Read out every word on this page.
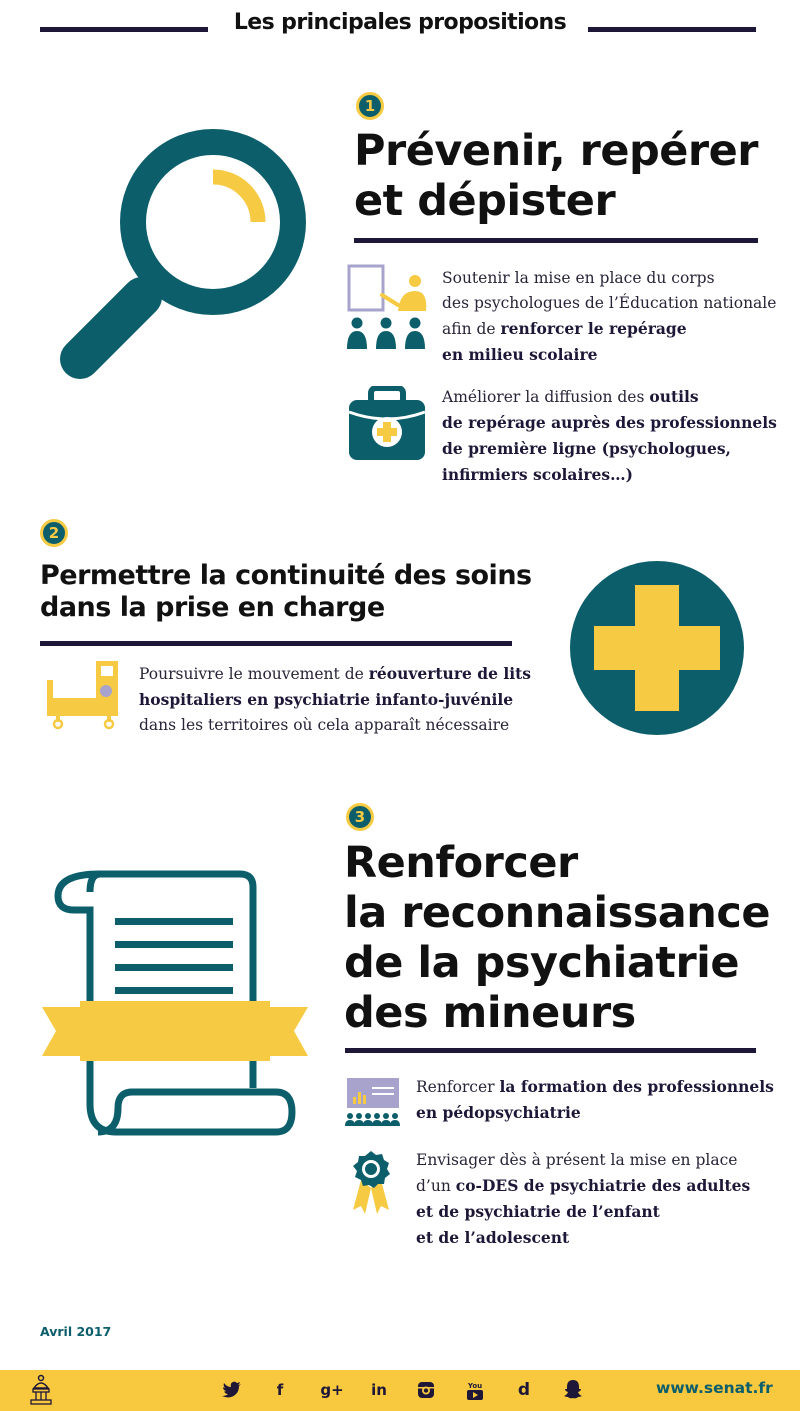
Les principales propositions
1
Prévenir, repérer
et dépister
Soutenir la mise en place du corps
des psychologues de l’Éducation nationale
afin de renforcer le repérage
en milieu scolaire
Améliorer la diffusion des outils
de repérage auprès des professionnels
de première ligne (psychologues,
infirmiers scolaires…)
2
Permettre la continuité des soins
dans la prise en charge
Poursuivre le mouvement de réouverture de lits
hospitaliers en psychiatrie infanto-juvénile
dans les territoires où cela apparaît nécessaire
3
Renforcer
la reconnaissance
de la psychiatrie
des mineurs
Renforcer la formation des professionnels
en pédopsychiatrie
Envisager dès à présent la mise en place
d’un co-DES de psychiatrie des adultes
et de psychiatrie de l’enfant
et de l’adolescent
Avril 2017
f	g+	in	You	d	www.senat.fr
